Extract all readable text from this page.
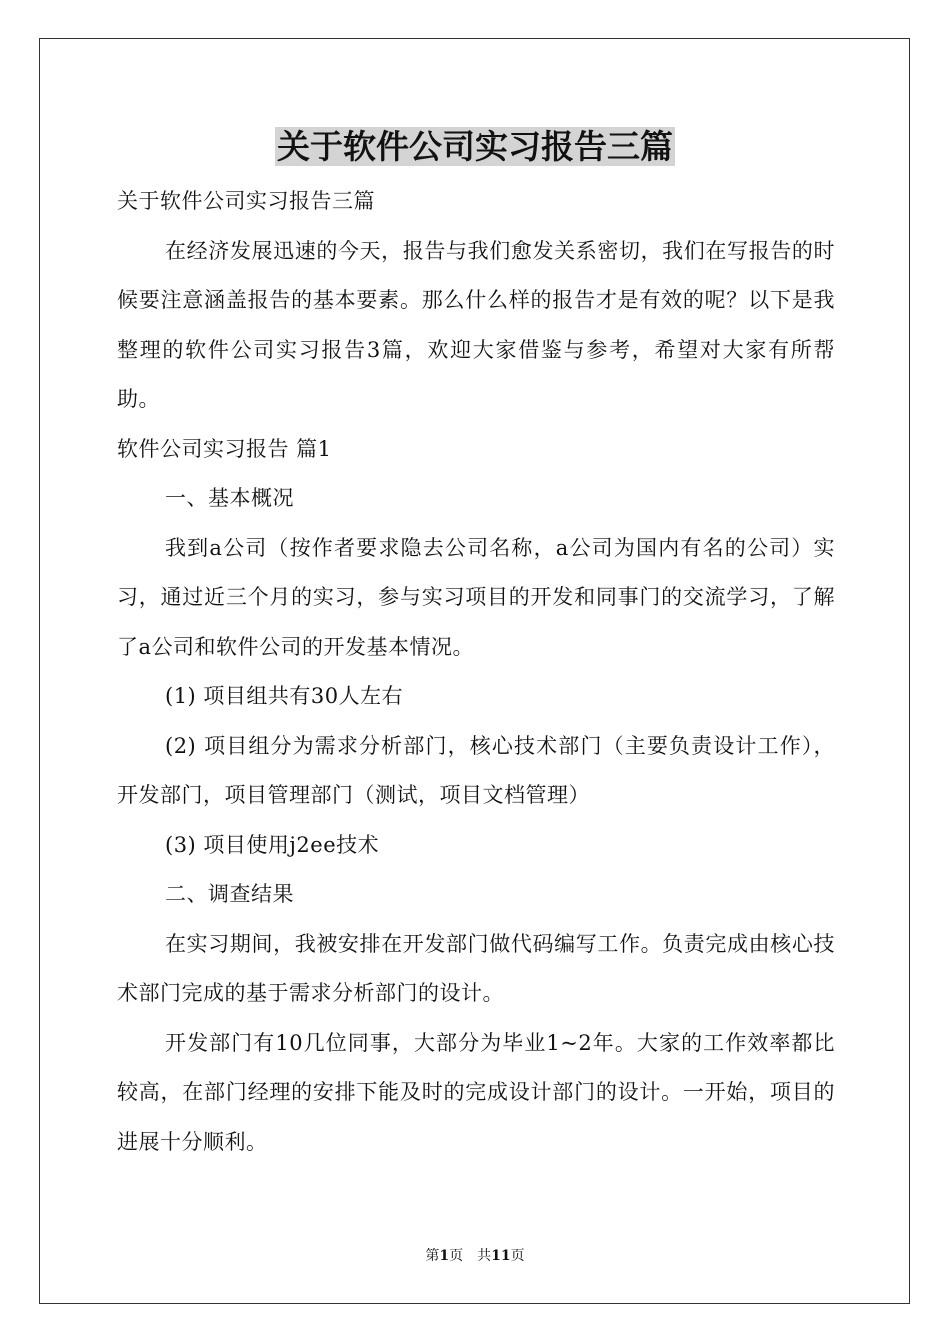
关于软件公司实习报告三篇

关于软件公司实习报告三篇

在经济发展迅速的今天，报告与我们愈发关系密切，我们在写报告的时候要注意涵盖报告的基本要素。那么什么样的报告才是有效的呢？以下是我整理的软件公司实习报告3篇，欢迎大家借鉴与参考，希望对大家有所帮助。

软件公司实习报告 篇1

一、基本概况

我到a公司（按作者要求隐去公司名称，a公司为国内有名的公司）实习，通过近三个月的实习，参与实习项目的开发和同事门的交流学习，了解了a公司和软件公司的开发基本情况。

(1) 项目组共有30人左右

(2) 项目组分为需求分析部门，核心技术部门（主要负责设计工作），开发部门，项目管理部门（测试，项目文档管理）

(3) 项目使用j2ee技术

二、调查结果

在实习期间，我被安排在开发部门做代码编写工作。负责完成由核心技术部门完成的基于需求分析部门的设计。

开发部门有10几位同事，大部分为毕业1~2年。大家的工作效率都比较高，在部门经理的安排下能及时的完成设计部门的设计。一开始，项目的进展十分顺利。

第1页　共11页
